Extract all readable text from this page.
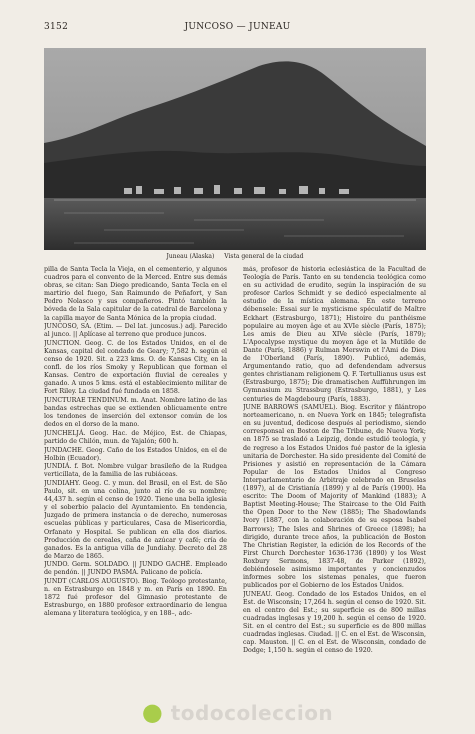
3152	JUNCOSO — JUNEAU
Juneau (Alaska) Vista general de la ciudad

pilla de Santa Tecla la Vieja, en el cementerio, y algunos cuadros para el convento de la Merced. Entre sus demás obras, se citan: San Diego predicando, Santa Tecla en el martirio del fuego, San Raimundo de Peñafort, y San Pedro Nolasco y sus compañeros. Pintó también la bóveda de la Sala capitular de la catedral de Barcelona y la capilla mayor de Santa Mónica de la propia ciudad.

JUNCOSO, SA. (Etim. — Del lat. juncosus.) adj. Parecido al junco. || Aplícase al terreno que produce juncos.

JUNCTION. Geog. C. de los Estados Unidos, en el de Kansas, capital del condado de Geary; 7,582 h. según el censo de 1920. Sit. a 223 kms. O. de Kansas City, en la confl. de los ríos Smoky y Republican que forman el Kansas. Centro de exportación fluvial de cereales y ganado. A unos 5 kms. está el establecimiento militar de Fort Riley. La ciudad fué fundada en 1858.

JUNCTURAE TENDINUM. m. Anat. Nombre latino de las bandas estrechas que se extienden oblicuamente entre los tendones de inserción del extensor común de los dedos en el dorso de la mano.

JUNCHELJÁ. Geog. Hac. de Méjico, Est. de Chiapas, partido de Chilón, mun. de Yajalón; 600 h.

JUNDACHE. Geog. Caño de los Estados Unidos, en el de Holbin (Ecuador).

JUNDIÁ. f. Bot. Nombre vulgar brasileño de la Rudgea verticillata, de la familia de las rubiáceas.

JUNDIAHY. Geog. C. y mun. del Brasil, en el Est. de São Paulo, sit. en una colina, junto al río de su nombre; 44,437 h. según el censo de 1920. Tiene una bella iglesia y el soberbio palacio del Ayuntamiento. En tendencia, Juzgado de primera instancia o de derecho, numerosas escuelas públicas y particulares, Casa de Misericordia, Orfanato y Hospital. Se publican en ella dos diarios. Producción de cereales, caña de azúcar y café; cría de ganados. Es la antigua villa de Jundiahy. Decreto del 28 de Marzo de 1865.

JUNDO. Germ. SOLDADO. || JUNDO GACHÉ. Empleado de pendón. || JUNDO PASMA. Palicano de policía.

JUNDT (CARLOS AUGUSTO). Biog. Teólogo protestante, n. en Estrasburgo en 1848 y m. en París en 1890. En 1872 fué profesor del Gimnasio protestante de Estrasburgo, en 1880 profesor extraordinario de lengua alemana y literatura teológica, y en 188–, adc-

más, profesor de historia eclesiástica de la Facultad de Teología de París. Tanto en su tendencia teológica como en su actividad de erudito, según la inspiración de su profesor Carlos Schmidt y se dedicó especialmente al estudio de la mística alemana. En este terreno débensele: Essai sur le mysticisme spéculatif de Maître Eckhart (Estrasburgo, 1871); Histoire du panthéisme populaire au moyen âge et au XVIe siècle (París, 1875); Les amis de Dieu au XIVe siècle (París, 1879); L'Apocalypse mystique du moyen âge et la Mutilde de Dante (París, 1886) y Rulman Merswin et l'Ami de Dieu de l'Oberland (París, 1890). Publicó, además, Argumentando ratio, quo ad defendendam adversus gentes christianam religionem Q. F. Tertullianus usus est (Estrasburgo, 1875); Die dramatischen Aufführungen im Gymnasium zu Strassburg (Estrasburgo, 1881), y Les centuries de Magdebourg (París, 1883).

JUNE BARROWS (SAMUEL). Biog. Escritor y filántropo norteamericano, n. en Nueva York en 1845; telegrafista en su juventud, dedicose después al periodismo, siendo corresponsal en Boston de The Tribune, de Nueva York; en 1875 se trasladó a Leipzig, donde estudió teología, y de regreso a los Estados Unidos fué pastor de la iglesia unitaria de Dorchester. Ha sido presidente del Comité de Prisiones y asistió en representación de la Cámara Popular de los Estados Unidos al Congreso Interparlamentario de Arbitraje celebrado en Bruselas (1897), al de Cristianía (1899) y al de París (1900). Ha escrito: The Doom of Majority of Mankind (1883); A Baptist Meeting-House; The Staircase to the Old Faith the Open Door to the New (1885); The Shadowlands Ivory (1887, con la colaboración de su esposa Isabel Barrows); The Isles and Shrines of Greece (1898); ha dirigido, durante trece años, la publicación de Boston The Christian Register, la edición de los Records of the First Church Dorchester 1636-1736 (1890) y los West Roxbury Sermons, 1837-48, de Parker (1892), debiéndosele asimismo importantes y concienzudos informes sobre los sistemas penales, que fueron publicados por el Gobierno de los Estados Unidos.

JUNEAU. Geog. Condado de los Estados Unidos, en el Est. de Wisconsin; 17,264 h. según el censo de 1920. Sit. en el centro del Est.; su superficie es de 800 millas cuadradas inglesas y 19,200 h. según el censo de 1920. Sit. en el centro del Est.; su superficie es de 800 millas cuadradas inglesas. Ciudad. || C. en el Est. de Wisconsin, cap. Mauston. || C. en el Est. de Wisconsin, condado de Dodge; 1,150 h. según el censo de 1920.

● todocoleccion
